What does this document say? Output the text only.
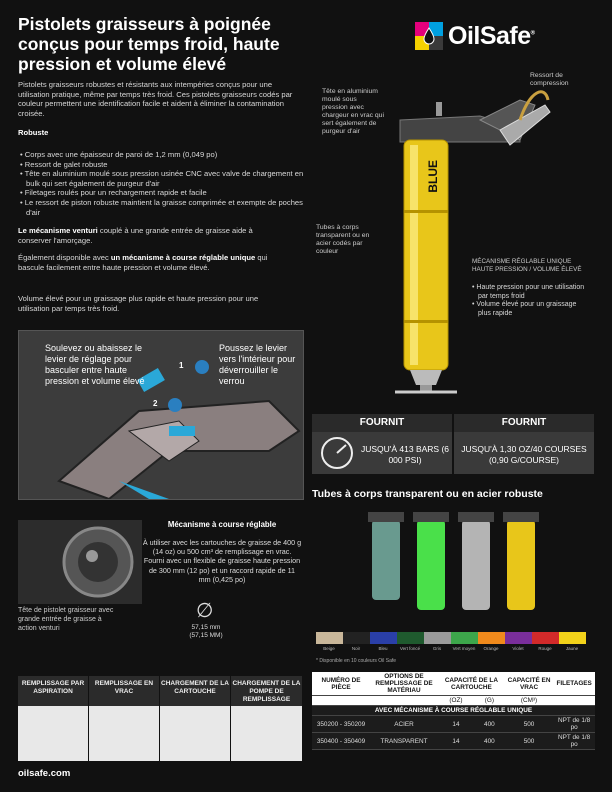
Pistolets graisseurs à poignée conçus pour temps froid, haute pression et volume élevé
Pistolets graisseurs robustes et résistants aux intempéries conçus pour une utilisation pratique, même par temps très froid. Ces pistolets graisseurs codés par couleur permettent une identification facile et aident à éliminer la contamination croisée.
Robuste
• Corps avec une épaisseur de paroi de 1,2 mm (0,049 po)
• Ressort de galet robuste
• Tête en aluminium moulé sous pression usinée CNC avec valve de chargement en bulk qui sert également de purgeur d'air
• Filetages roulés pour un rechargement rapide et facile
• Le ressort de piston robuste maintient la graisse comprimée et exempte de poches d'air
Le mécanisme venturi couplé à une grande entrée de graisse aide à conserver l'amorçage.
Également disponible avec un mécanisme à course réglable unique qui bascule facilement entre haute pression et volume élevé.
Volume élevé pour un graissage plus rapide et haute pression pour une utilisation par temps très froid.
OilSafe®
BLUE
Tête en aluminium moulé sous pression avec chargeur en vrac qui sert également de purgeur d'air
Ressort de compression
Tubes à corps transparent ou en acier codés par couleur
MÉCANISME RÉGLABLE UNIQUE HAUTE PRESSION / VOLUME ÉLEVÉ
• Haute pression pour une utilisation par temps froid
• Volume élevé pour un graissage plus rapide
1
2
Soulevez ou abaissez le levier de réglage pour basculer entre haute pression et volume élevé
Poussez le levier vers l'intérieur pour déverrouiller le verrou
FOURNIT
JUSQU'À 413 BARS (6 000 PSI)
FOURNIT
JUSQU'À 1,30 OZ/40 COURSES (0,90 G/COURSE)
Tubes à corps transparent ou en acier robuste
Beige	Noir	Bleu	Vert foncé	Gris	Vert moyen	Orange	Violet	Rouge	Jaune
* Disponible en 10 couleurs Oil Safe
Mécanisme à course réglable
À utiliser avec les cartouches de graisse de 400 g (14 oz) ou 500 cm³ de remplissage en vrac. Fourni avec un flexible de graisse haute pression de 300 mm (12 po) et un raccord rapide de 11 mm (0,425 po)
Tête de pistolet graisseur avec grande entrée de graisse à action venturi
∅
57,15 mm
(57,15 MM)
REMPLISSAGE PAR ASPIRATION
REMPLISSAGE EN VRAC
CHARGEMENT DE LA CARTOUCHE
CHARGEMENT DE LA POMPE DE REMPLISSAGE
NUMÉRO DE PIÈCE	OPTIONS DE REMPLISSAGE DE MATÉRIAU	CAPACITÉ DE LA CARTOUCHE		CAPACITÉ EN VRAC	FILETAGES
		(OZ)	(G)	(CM³)	
AVEC MÉCANISME À COURSE RÉGLABLE UNIQUE					
350200 - 350209	ACIER	14	400	500	NPT de 1/8 po
350400 - 350409	TRANSPARENT	14	400	500	NPT de 1/8 po
oilsafe.com
